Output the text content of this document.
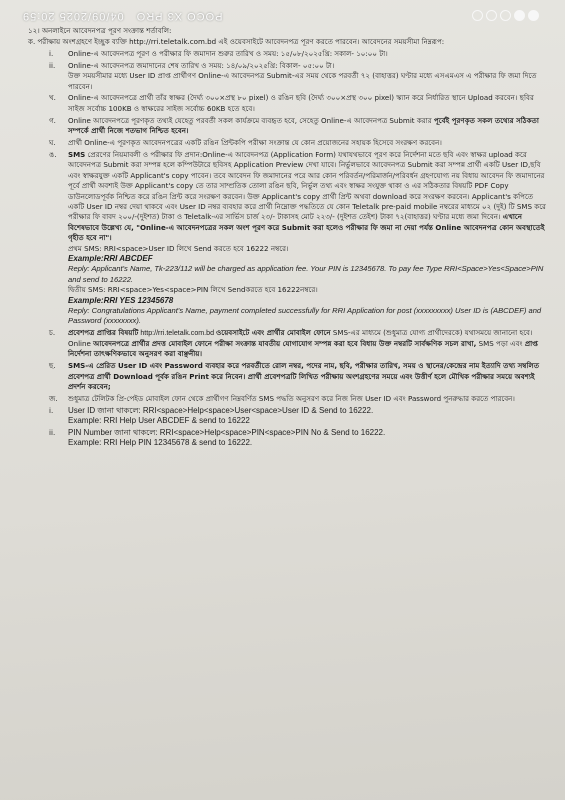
POCO X3 PRO 04/09/2025 20:59
১২। অনলাইনে আবেদনপত্র পূরণ সংক্রান্ত শর্তাবলি:
ক. পরীক্ষায় অংশগ্রহণে ইচ্ছুক ব্যক্তি http://rri.teletalk.com.bd এই ওয়েবসাইটে আবেদনপত্র পূরণ করতে পারবেন। আবেদনের সময়সীমা নিম্নরূপ:
i.	Online-এ আবেদনপত্র পূরণ ও পরীক্ষার ফি জমাদান শুরুর তারিখ ও সময়: ১৫/০৮/২০২৫খ্রি: সকাল- ১০:০০ টা।
ii.	Online-এ আবেদনপত্র জমাদানের শেষ তারিখ ও সময়: ১৪/০৯/২০২৫খ্রি: বিকাল- ০৫:০০ টা।
উক্ত সময়সীমার মধ্যে User ID প্রাপ্ত প্রার্থীগণ Online-এ আবেদনপত্র Submit-এর সময় থেকে পরবর্তী ৭২ (বাহাত্তর) ঘণ্টার মধ্যে এসএমএস এ পরীক্ষার ফি জমা দিতে পারবেন।
খ.	Online-এ আবেদনপত্রে প্রার্থী তাঁর স্বাক্ষর (দৈর্ঘ্য ৩০০×প্রস্থ ৮০ pixel) ও রঙিন ছবি (দৈর্ঘ্য ৩০০×প্রস্থ ৩০০ pixel) স্ক্যান করে নির্ধারিত স্থানে Upload করবেন। ছবির সাইজ সর্বোচ্চ 100KB ও স্বাক্ষরের সাইজ সর্বোচ্চ 60KB হতে হবে।
গ.	Online আবেদনপত্রে পূরণকৃত তথ্যই যেহেতু পরবর্তী সকল কার্যক্রমে ব্যবহৃত হবে, সেহেতু Online-এ আবেদনপত্র Submit করার পূর্বেই পূরণকৃত সকল তথ্যের সঠিকতা সম্পর্কে প্রার্থী নিজে শতভাগ নিশ্চিত হবেন।
ঘ.	প্রার্থী Online-এ পূরণকৃত আবেদনপত্রের একটি রঙিন প্রিন্টকপি পরীক্ষা সংক্রান্ত যে কোন প্রয়োজনের সহায়ক হিসেবে সংরক্ষণ করবেন।
ঙ.	SMS প্রেরণের নিয়মাবলী ও পরীক্ষার ফি প্রদান:Online-এ আবেদনপত্র (Application Form) যথাযথভাবে পূরণ করে নির্দেশনা মতে ছবি এবং স্বাক্ষর upload করে আবেদনপত্র Submit করা সম্পন্ন হলে কম্পিউটারে ছবিসহ Application Preview দেখা যাবে। নির্ভুলভাবে আবেদনপত্র Submit করা সম্পন্ন প্রার্থী একটি User ID,ছবি এবং স্বাক্ষরযুক্ত একটি Applicant's copy পাবেন। তবে আবেদন ফি জমাদানের পরে আর কোন পরিবর্তন/পরিমার্জন/পরিবর্ধন গ্রহণযোগ্য নয় বিধায় আবেদন ফি জমাদানের পূর্বে প্রার্থী অবশ্যই উক্ত Applicant's copy তে তার সাম্প্রতিক তোলা রঙিন ছবি, নির্ভুল তথ্য এবং স্বাক্ষর সংযুক্ত থাকা ও এর সঠিকতার বিষয়টি PDF Copy ডাউনলোডপূর্বক নিশ্চিত করে রঙিন প্রিন্ট করে সংরক্ষণ করবেন। উক্ত Applicant's copy প্রার্থী প্রিন্ট অথবা download করে সংরক্ষণ করবেন। Applicant's কপিতে একটি User ID নম্বর দেয়া থাকবে এবং User ID নম্বর ব্যবহার করে প্রার্থী নিম্নোক্ত পদ্ধতিতে যে কোন Teletalk pre-paid mobile নম্বরের মাধ্যমে ০২ (দুই) টি SMS করে পরীক্ষার ফি বাবদ ২০০/-(দুইশত) টাকা ও Teletalk-এর সার্ভিস চার্জ ২৩/- টাকাসহ মোট ২২৩/- (দুইশত তেইশ) টাকা ৭২(বাহাত্তর) ঘণ্টার মধ্যে জমা দিবেন। এখানে বিশেষভাবে উল্লেখ্য যে, "Online-এ আবেদনপত্রের সকল অংশ পূরণ করে Submit করা হলেও পরীক্ষার ফি জমা না দেয়া পর্যন্ত Online আবেদনপত্র কোন অবস্থাতেই গৃহীত হবে না"।
প্রথম SMS: RRI<space>User ID লিখে Send করতে হবে 16222 নম্বরে।
Example:RRI ABCDEF
Reply: Applicant's Name, Tk-223/112 will be charged as application fee. Your PIN is 12345678. To pay fee Type RRI<Space>Yes<Space>PIN and send to 16222.
দ্বিতীয় SMS: RRI<space>Yes<space>PIN লিখে Sendকরতে হবে 16222নম্বরে।
Example:RRI YES 12345678
Reply: Congratulations Applicant's Name, payment completed successfully for RRI Application for post (xxxxxxxxx) User ID is (ABCDEF) and Password (xxxxxxxx).
চ.	প্রবেশপত্র প্রাপ্তির বিষয়টি http://rri.teletalk.com.bd ওয়েবসাইটে এবং প্রার্থীর মোবাইল ফোনে SMS-এর মাধ্যমে (শুধুমাত্র যোগ্য প্রার্থীদেরকে) যথাসময়ে জানানো হবে। Online আবেদনপত্রে প্রার্থীর প্রদত্ত মোবাইল ফোনে পরীক্ষা সংক্রান্ত যাবতীয় যোগাযোগ সম্পন্ন করা হবে বিধায় উক্ত নম্বরটি সার্বক্ষণিক সচল রাখা, SMS পড়া এবং প্রাপ্ত নির্দেশনা তাৎক্ষণিকভাবে অনুসরণ করা বাঞ্ছনীয়।
ছ.	SMS-এ প্রেরিত User ID এবং Password ব্যবহার করে পরবর্তীতে রোল নম্বর, পদের নাম, ছবি, পরীক্ষার তারিখ, সময় ও স্থানের/কেন্দ্রের নাম ইত্যাদি তথ্য সম্বলিত প্রবেশপত্র প্রার্থী Download পূর্বক রঙিন Print করে নিবেন। প্রার্থী প্রবেশপত্রটি লিখিত পরীক্ষায় অংশগ্রহণের সময়ে এবং উত্তীর্ণ হলে মৌখিক পরীক্ষার সময়ে অবশ্যই প্রদর্শন করবেন;
জ.	শুধুমাত্র টেলিটক প্রি-পেইড মোবাইল ফোন থেকে প্রার্থীগণ নিম্নবর্ণিত SMS পদ্ধতি অনুসরণ করে নিজ নিজ User ID এবং Password পুনরুদ্ধার করতে পারবেন।
i.	User ID জানা থাকলে: RRI<space>Help<space>User<space>User ID & Send to 16222.
Example: RRI Help User ABCDEF & send to 16222
ii.	PIN Number জানা থাকলে: RRI<space>Help<space>PIN<space>PIN No & Send to 16222.
Example: RRI Help PIN 12345678 & send to 16222.
